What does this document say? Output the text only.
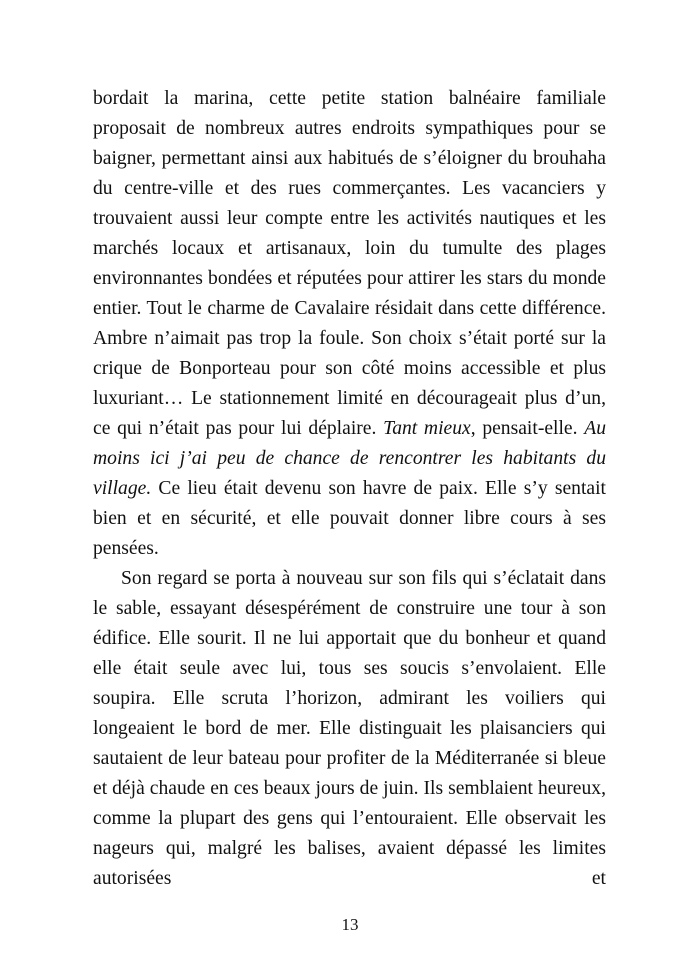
bordait la marina, cette petite station balnéaire familiale proposait de nombreux autres endroits sympathiques pour se baigner, permettant ainsi aux habitués de s’éloigner du brouhaha du centre-ville et des rues commerçantes. Les vacanciers y trouvaient aussi leur compte entre les activités nautiques et les marchés locaux et artisanaux, loin du tumulte des plages environnantes bondées et réputées pour attirer les stars du monde entier. Tout le charme de Cavalaire résidait dans cette différence. Ambre n’aimait pas trop la foule. Son choix s’était porté sur la crique de Bonporteau pour son côté moins accessible et plus luxuriant… Le stationnement limité en décourageait plus d’un, ce qui n’était pas pour lui déplaire. Tant mieux, pensait-elle. Au moins ici j’ai peu de chance de rencontrer les habitants du village. Ce lieu était devenu son havre de paix. Elle s’y sentait bien et en sécurité, et elle pouvait donner libre cours à ses pensées.

Son regard se porta à nouveau sur son fils qui s’éclatait dans le sable, essayant désespérément de construire une tour à son édifice. Elle sourit. Il ne lui apportait que du bonheur et quand elle était seule avec lui, tous ses soucis s’envolaient. Elle soupira. Elle scruta l’horizon, admirant les voiliers qui longeaient le bord de mer. Elle distinguait les plaisanciers qui sautaient de leur bateau pour profiter de la Méditerranée si bleue et déjà chaude en ces beaux jours de juin. Ils semblaient heureux, comme la plupart des gens qui l’entouraient. Elle observait les nageurs qui, malgré les balises, avaient dépassé les limites autorisées et

13
